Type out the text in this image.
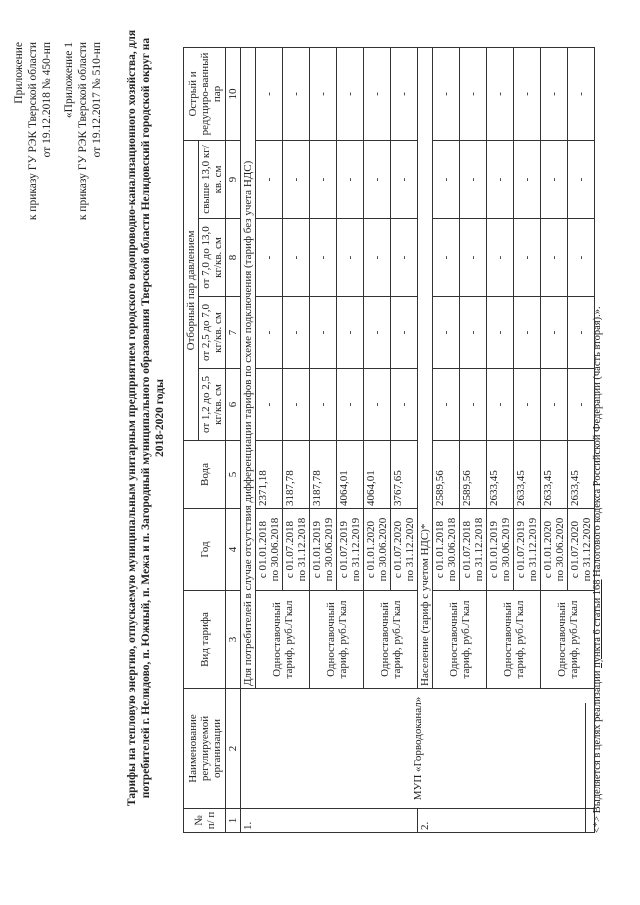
Приложение к приказу ГУ РЭК Тверской области от 19.12.2018 № 450-нп «Приложение 1 к приказу ГУ РЭК Тверской области от 19.12.2017 № 510-нп Тарифы на тепловую энергию, отпускаемую муниципальным унитарным предприятием городского водопроводно-канализационного хозяйства, для потребителей г. Нелидово, п. Южный, п. Межа и п. Загородный муниципального образования Тверской области Нелидовский городской округ на 2018-2020 годы
№ п/ п	Наименование регулируемой организации	Вид тарифа	Год	Вода	Отборный пар давлением				Острый и редуциро-ванный пар
					от 1,2 до 2,5 кг/кв. см	от 2,5 до 7,0 кг/кв. см	от 7,0 до 13,0 кг/кв. см	свыше 13,0 кг/кв. см	
1	2	3	4	5	6	7	8	9	10
1.	МУП «Горводоканал»	Для потребителей в случае отсутствия дифференциации тарифов по схеме подключения (тариф без учета НДС)							
		Одноставочный тариф, руб./Гкал	с 01.01.2018 по 30.06.2018	2371,18	-	-	-	-	-

			с 01.07.2018 по 31.12.2018	3187,78	-	-	-	-	-
		Одноставочный тариф, руб./Гкал	с 01.01.2019 по 30.06.2019	3187,78	-	-	-	-	-

			с 01.07.2019 по 31.12.2019	4064,01	-	-	-	-	-
		Одноставочный тариф, руб./Гкал	с 01.01.2020 по 30.06.2020	4064,01	-	-	-	-	-

			с 01.07.2020 по 31.12.2020	3767,65	-	-	-	-	-
2.		Население (тариф с учетом НДС)*							
		Одноставочный тариф, руб./Гкал	с 01.01.2018 по 30.06.2018	2589,56	-	-	-	-	-

			с 01.07.2018 по 31.12.2018	2589,56	-	-	-	-	-
		Одноставочный тариф, руб./Гкал	с 01.01.2019 по 30.06.2019	2633,45	-	-	-	-	-

			с 01.07.2019 по 31.12.2019	2633,45	-	-	-	-	-
		Одноставочный тариф, руб./Гкал	с 01.01.2020 по 30.06.2020	2633,45	-	-	-	-	-

			с 01.07.2020 по 31.12.2020	2633,45	-	-	-	-	-
<*> Выделяется в целях реализации пункта 6 статьи 168 Налогового кодекса Российской Федерации (часть вторая).».
